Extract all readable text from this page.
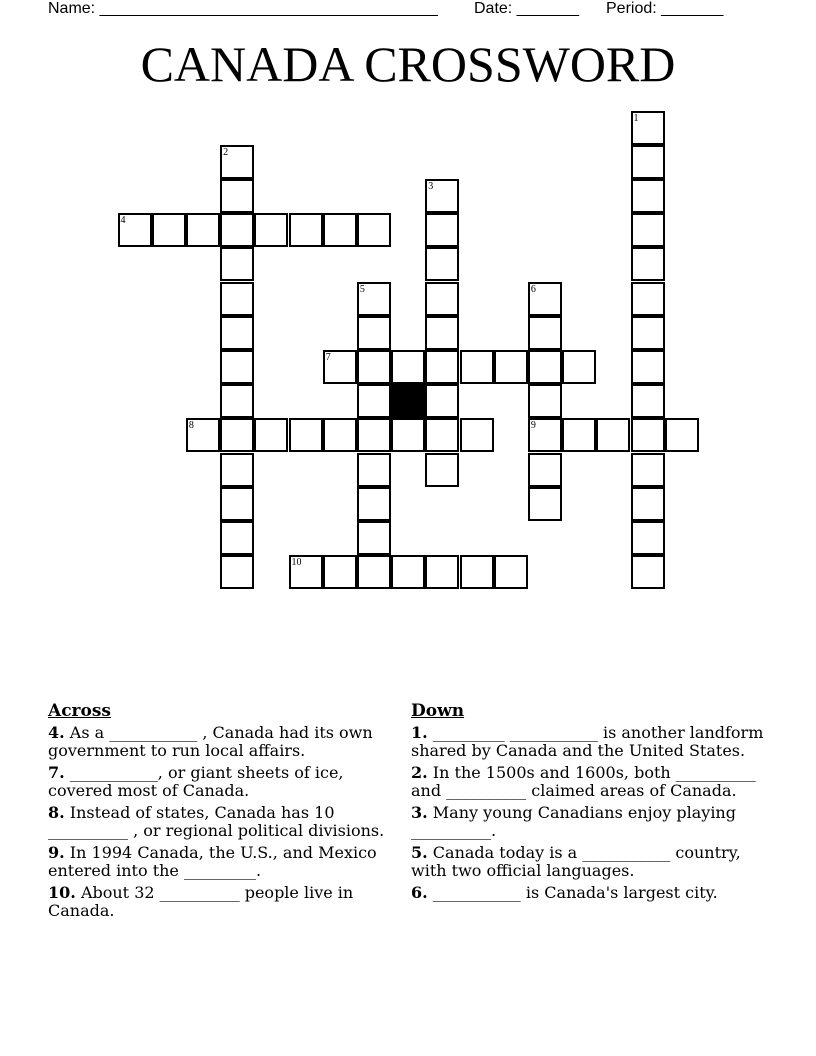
Name: ______________________________________ Date: _______ Period: _______
CANADA CROSSWORD
1
2
3
4
5	6
9
7
8
10
Across
4. As a ___________ , Canada had its own government to run local affairs.
7. ___________, or giant sheets of ice, covered most of Canada.
8. Instead of states, Canada has 10 __________ , or regional political divisions.
9. In 1994 Canada, the U.S., and Mexico entered into the _________.
10. About 32 __________ people live in Canada.
Down
1. _________ ___________ is another landform shared by Canada and the United States.
2. In the 1500s and 1600s, both __________ and __________ claimed areas of Canada.
3. Many young Canadians enjoy playing __________.
5. Canada today is a ___________ country, with two official languages.
6. ___________ is Canada's largest city.
